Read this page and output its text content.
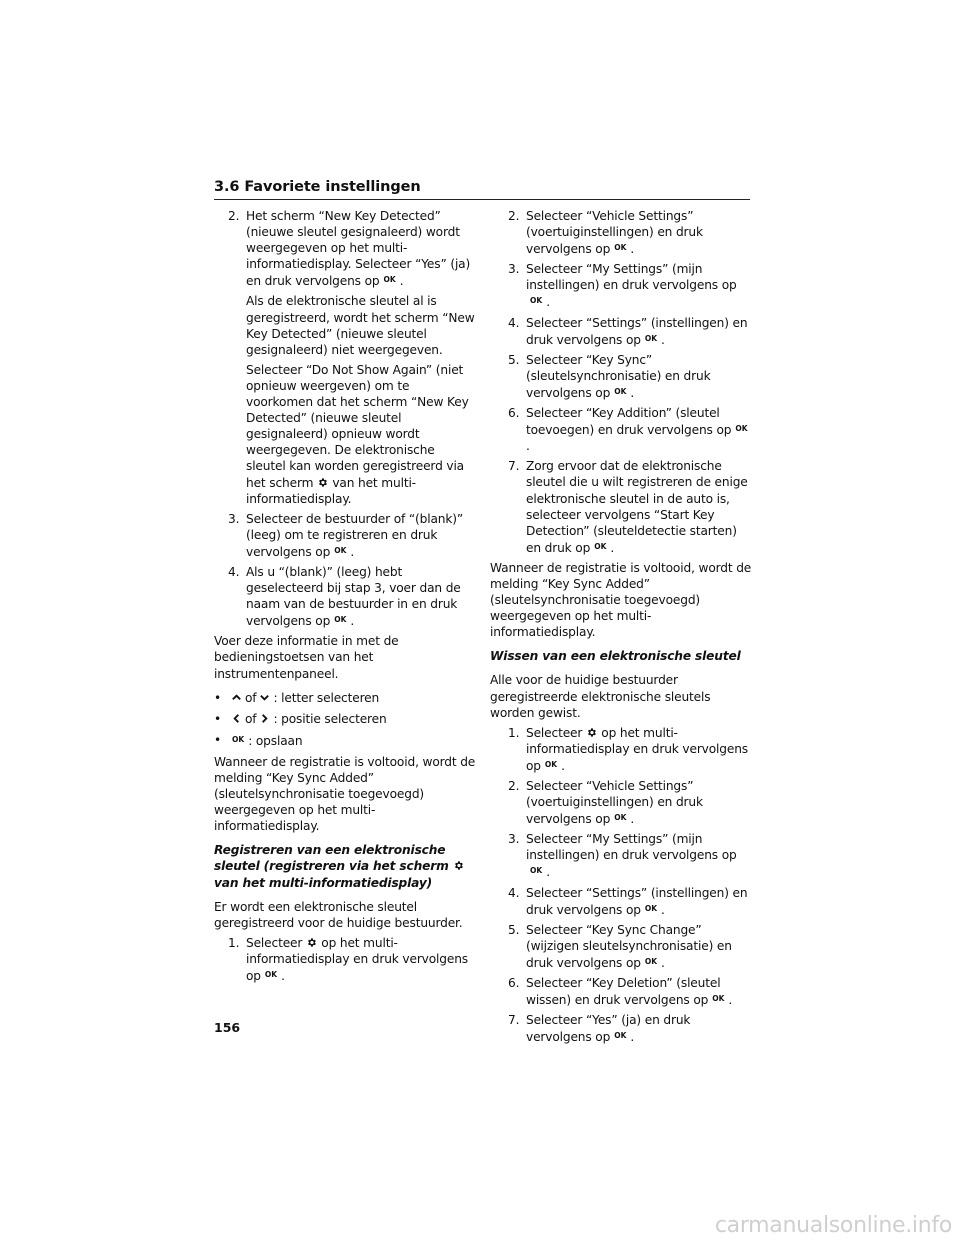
3.6 Favoriete instellingen
2. Het scherm “New Key Detected” (nieuwe sleutel gesignaleerd) wordt weergegeven op het multi-informatiedisplay. Selecteer “Yes” (ja) en druk vervolgens op OK .

Als de elektronische sleutel al is geregistreerd, wordt het scherm “New Key Detected” (nieuwe sleutel gesignaleerd) niet weergegeven.

Selecteer “Do Not Show Again” (niet opnieuw weergeven) om te voorkomen dat het scherm “New Key Detected” (nieuwe sleutel gesignaleerd) opnieuw wordt weergegeven. De elektronische sleutel kan worden geregistreerd via het scherm van het multi-informatiedisplay.

3. Selecteer de bestuurder of “(blank)” (leeg) om te registreren en druk vervolgens op OK .

4. Als u “(blank)” (leeg) hebt geselecteerd bij stap 3, voer dan de naam van de bestuurder in en druk vervolgens op OK .

Voer deze informatie in met de bedieningstoetsen van het instrumentenpaneel.

• of : letter selecteren
• of : positie selecteren
• OK : opslaan

Wanneer de registratie is voltooid, wordt de melding “Key Sync Added” (sleutelsynchronisatie toegevoegd) weergegeven op het multi-informatiedisplay.

Registreren van een elektronische sleutel (registreren via het schermvan het multi-informatiedisplay)

Er wordt een elektronische sleutel geregistreerd voor de huidige bestuurder.

1. Selecteer op het multi-informatiedisplay en druk vervolgens op OK .

2. Selecteer “Vehicle Settings” (voertuiginstellingen) en druk vervolgens op OK .

3. Selecteer “My Settings” (mijn instellingen) en druk vervolgens opOK .

4. Selecteer “Settings” (instellingen) en druk vervolgens op OK .

5. Selecteer “Key Sync” (sleutelsynchronisatie) en druk vervolgens op OK .

6. Selecteer “Key Addition” (sleutel toevoegen) en druk vervolgens op OK.

7. Zorg ervoor dat de elektronische sleutel die u wilt registreren de enige elektronische sleutel in de auto is, selecteer vervolgens “Start Key Detection” (sleuteldetectie starten) en druk op OK .

Wanneer de registratie is voltooid, wordt de melding “Key Sync Added” (sleutelsynchronisatie toegevoegd) weergegeven op het multi-informatiedisplay.

Wissen van een elektronische sleutel

Alle voor de huidige bestuurder geregistreerde elektronische sleutels worden gewist.

1. Selecteer op het multi-informatiedisplay en druk vervolgens op OK .

2. Selecteer “Vehicle Settings” (voertuiginstellingen) en druk vervolgens op OK .

3. Selecteer “My Settings” (mijn instellingen) en druk vervolgens opOK .

4. Selecteer “Settings” (instellingen) en druk vervolgens op OK .

5. Selecteer “Key Sync Change” (wijzigen sleutelsynchronisatie) en druk vervolgens op OK .

6. Selecteer “Key Deletion” (sleutel wissen) en druk vervolgens op OK .

7. Selecteer “Yes” (ja) en druk vervolgens op OK .

156
carmanualsonline.info
